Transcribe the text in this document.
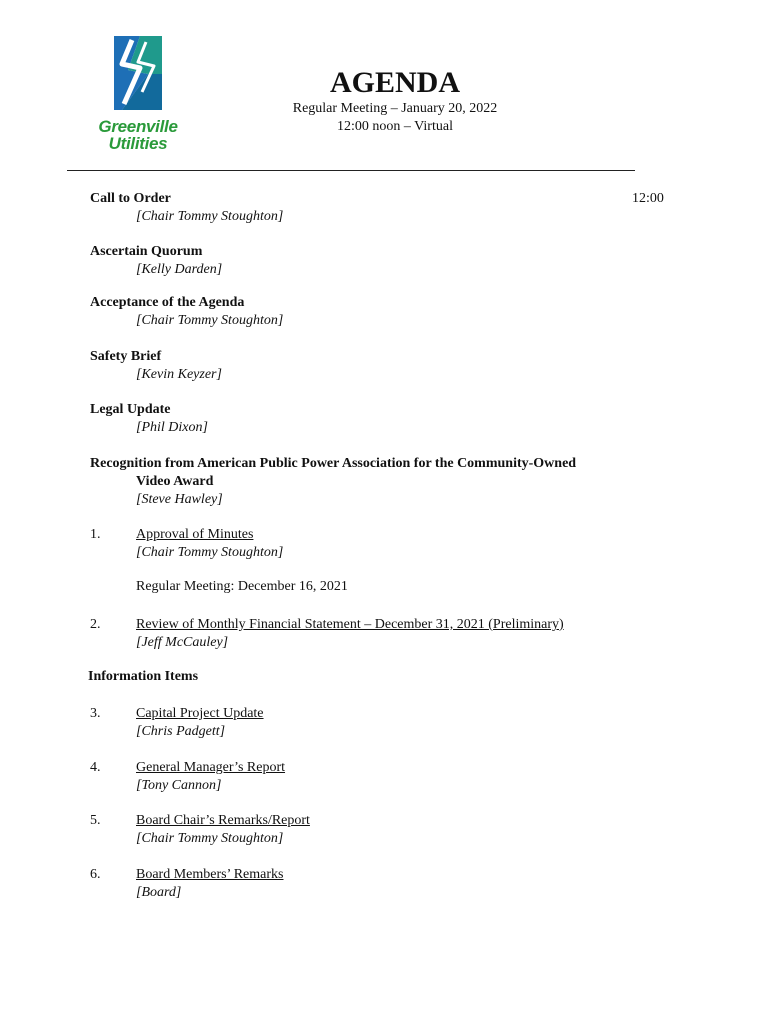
Greenville
Utilities
AGENDA
Regular Meeting – January 20, 2022
12:00 noon – Virtual
12:00
Call to Order
[Chair Tommy Stoughton]
Ascertain Quorum
[Kelly Darden]
Acceptance of the Agenda
[Chair Tommy Stoughton]
Safety Brief
[Kevin Keyzer]
Legal Update
[Phil Dixon]
Recognition from American Public Power Association for the Community-Owned
Video Award
[Steve Hawley]
1.	Approval of Minutes
[Chair Tommy Stoughton]
Regular Meeting: December 16, 2021
2.	Review of Monthly Financial Statement – December 31, 2021 (Preliminary)
[Jeff McCauley]
Information Items
3.	Capital Project Update
[Chris Padgett]
4.	General Manager’s Report
[Tony Cannon]
5.	Board Chair’s Remarks/Report
[Chair Tommy Stoughton]
6.	Board Members’ Remarks
[Board]
